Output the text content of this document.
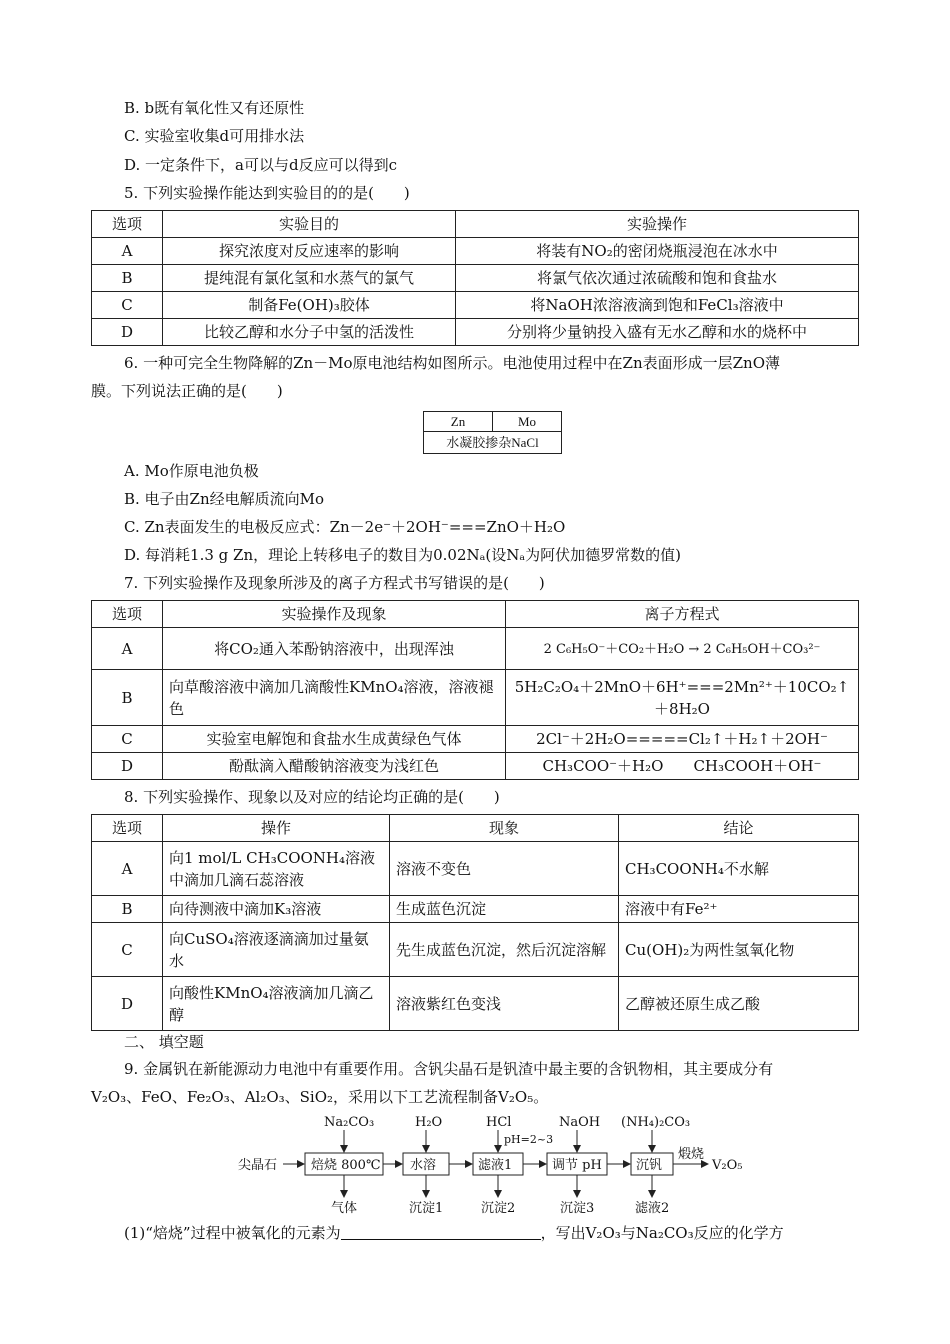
B. b既有氧化性又有还原性
C. 实验室收集d可用排水法
D. 一定条件下，a可以与d反应可以得到c
5. 下列实验操作能达到实验目的的是(　　)
选项	实验目的	实验操作
A	探究浓度对反应速率的影响	将装有NO₂的密闭烧瓶浸泡在冰水中
B	提纯混有氯化氢和水蒸气的氯气	将氯气依次通过浓硫酸和饱和食盐水
C	制备Fe(OH)₃胶体	将NaOH浓溶液滴到饱和FeCl₃溶液中
D	比较乙醇和水分子中氢的活泼性	分别将少量钠投入盛有无水乙醇和水的烧杯中
6. 一种可完全生物降解的Zn－Mo原电池结构如图所示。电池使用过程中在Zn表面形成一层ZnO薄
膜。下列说法正确的是(　　)
Zn	Mo
水凝胶掺杂NaCl
A. Mo作原电池负极
B. 电子由Zn经电解质流向Mo
C. Zn表面发生的电极反应式：Zn－2e⁻＋2OH⁻===ZnO＋H₂O
D. 每消耗1.3 g Zn，理论上转移电子的数目为0.02Nₐ(设Nₐ为阿伏加德罗常数的值)
7. 下列实验操作及现象所涉及的离子方程式书写错误的是(　　)
选项	实验操作及现象	离子方程式
A	将CO₂通入苯酚钠溶液中，出现浑浊	2 C₆H₅O⁻＋CO₂＋H₂O → 2 C₆H₅OH＋CO₃²⁻
B	向草酸溶液中滴加几滴酸性KMnO₄溶液，溶液褪色	5H₂C₂O₄＋2MnO＋6H⁺===2Mn²⁺＋10CO₂↑＋8H₂O
C	实验室电解饱和食盐水生成黄绿色气体	2Cl⁻＋2H₂O=====Cl₂↑＋H₂↑＋2OH⁻
D	酚酞滴入醋酸钠溶液变为浅红色	CH₃COO⁻＋H₂O　　CH₃COOH＋OH⁻
8. 下列实验操作、现象以及对应的结论均正确的是(　　)
选项	操作	现象	结论
A	向1 mol/L CH₃COONH₄溶液中滴加几滴石蕊溶液	溶液不变色	CH₃COONH₄不水解
B	向待测液中滴加K₃溶液	生成蓝色沉淀	溶液中有Fe²⁺
C	向CuSO₄溶液逐滴滴加过量氨水	先生成蓝色沉淀，然后沉淀溶解	Cu(OH)₂为两性氢氧化物
D	向酸性KMnO₄溶液滴加几滴乙醇	溶液紫红色变浅	乙醇被还原生成乙酸
二、 填空题
9. 金属钒在新能源动力电池中有重要作用。含钒尖晶石是钒渣中最主要的含钒物相，其主要成分有
V₂O₃、FeO、Fe₂O₃、Al₂O₃、SiO₂，采用以下工艺流程制备V₂O₅。
尖晶石	焙烧 800℃ 水溶	滤液1	调节 pH	沉钒
煅烧
V₂O₅
Na₂CO₃	H₂O	HCl
pH=2~3
NaOH (NH₄)₂CO₃
气体	沉淀1	沉淀2	沉淀3	滤液2
(1)“焙烧”过程中被氧化的元素为	，写出V₂O₃与Na₂CO₃反应的化学方
